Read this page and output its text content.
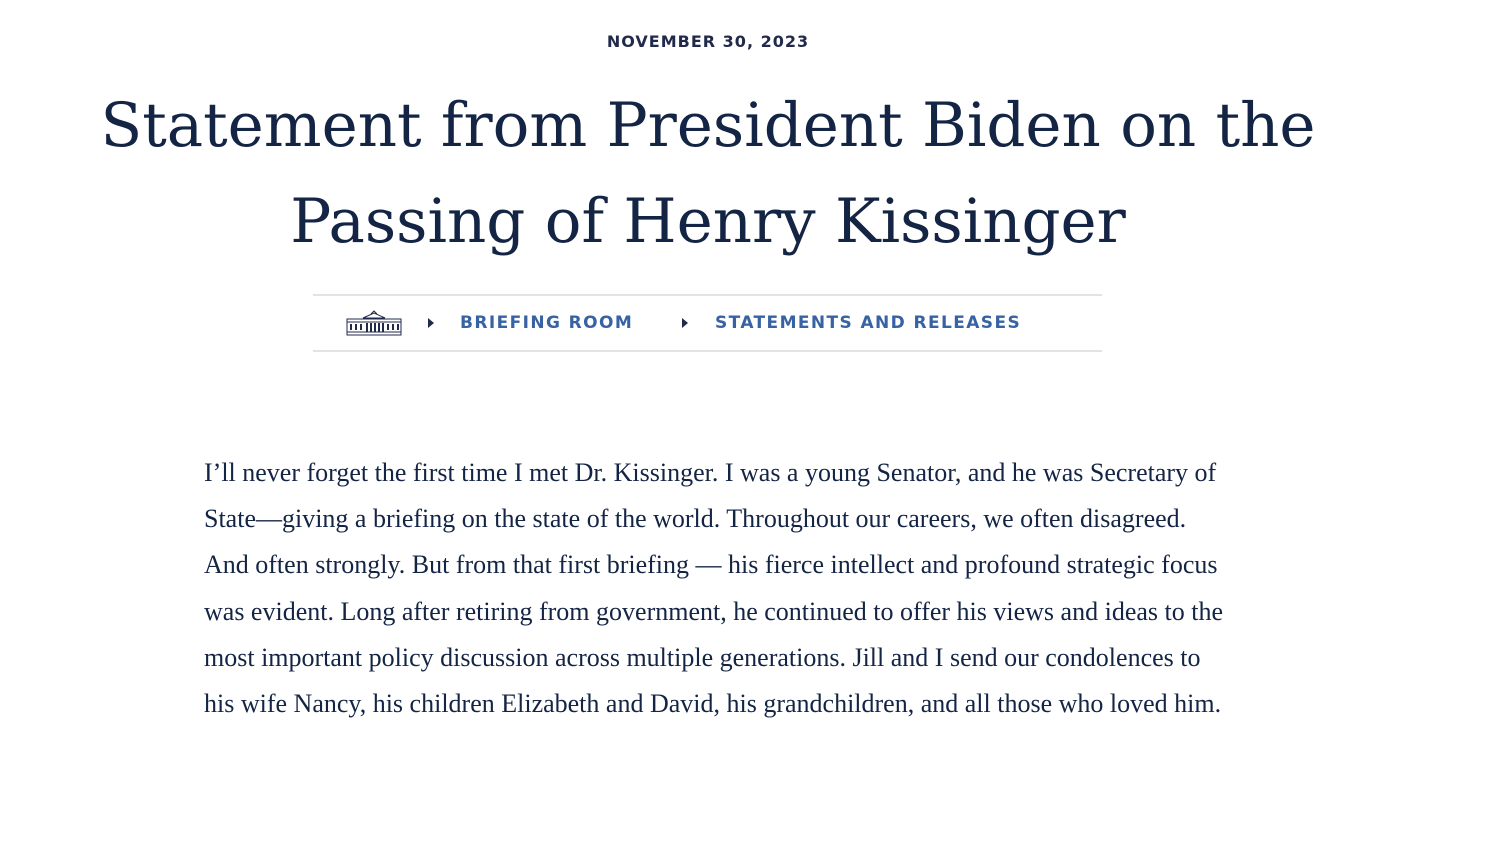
NOVEMBER 30, 2023
Statement from President Biden on the Passing of Henry Kissinger
BRIEFING ROOM	STATEMENTS AND RELEASES

I’ll never forget the first time I met Dr. Kissinger. I was a young Senator, and he was Secretary of State—giving a briefing on the state of the world. Throughout our careers, we often disagreed. And often strongly. But from that first briefing — his fierce intellect and profound strategic focus was evident. Long after retiring from government, he continued to offer his views and ideas to the most important policy discussion across multiple generations. Jill and I send our condolences to his wife Nancy, his children Elizabeth and David, his grandchildren, and all those who loved him.
